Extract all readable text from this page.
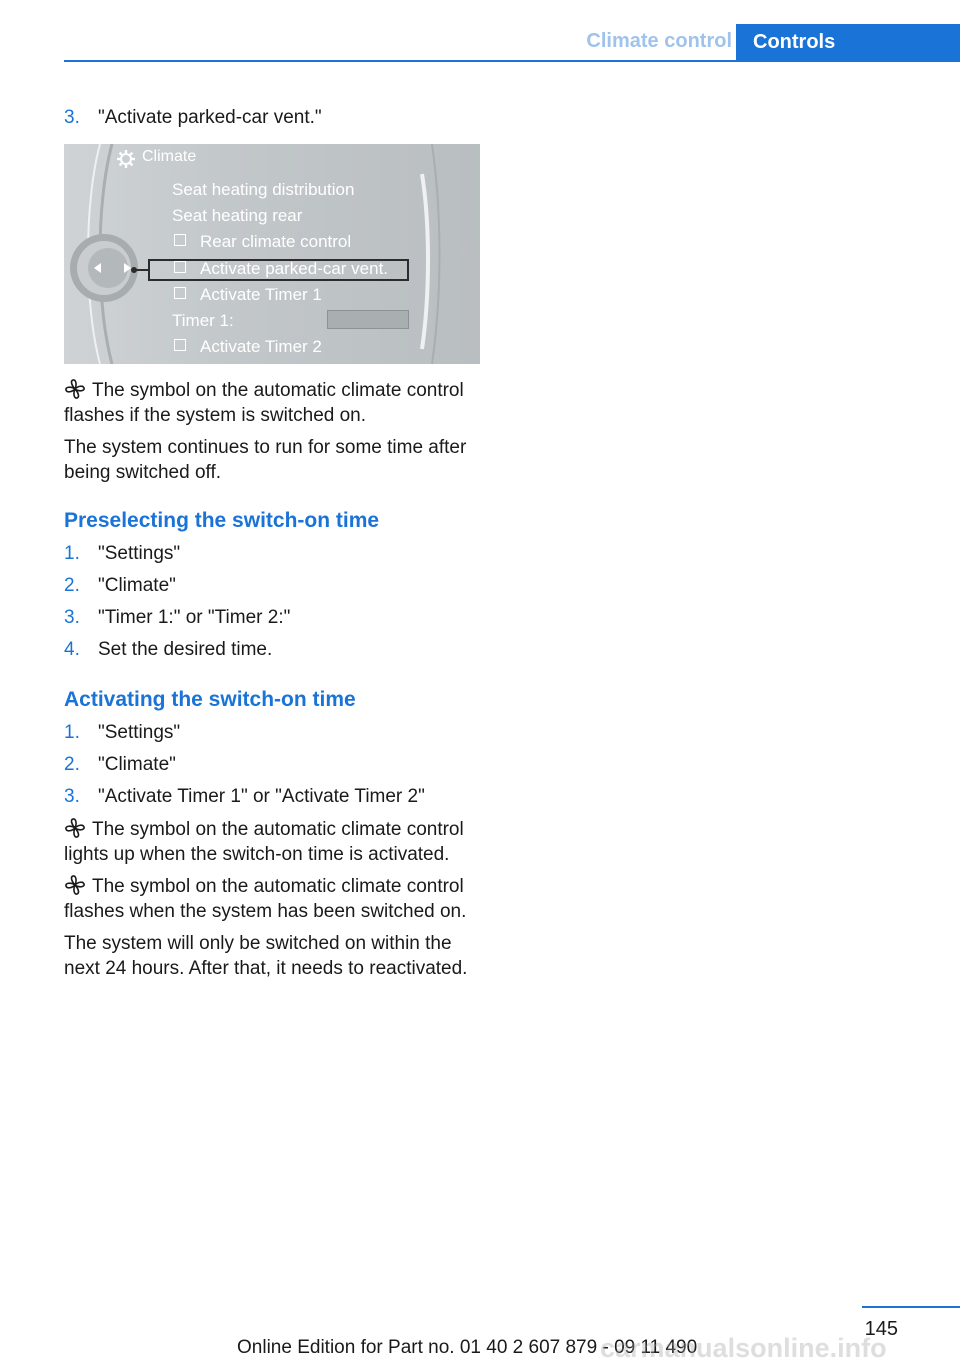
Climate control	Controls
3. "Activate parked-car vent."
Climate
Seat heating distribution
Seat heating rear
Rear climate control
Activate parked-car vent.
Activate Timer 1
Timer 1:
Activate Timer 2
The symbol on the automatic climate control flashes if the system is switched on.
The system continues to run for some time after being switched off.
Preselecting the switch-on time
1. "Settings"
2. "Climate"
3. "Timer 1:" or "Timer 2:"
4. Set the desired time.
Activating the switch-on time
1. "Settings"
2. "Climate"
3. "Activate Timer 1" or "Activate Timer 2"
The symbol on the automatic climate control lights up when the switch-on time is activated.
The symbol on the automatic climate control flashes when the system has been switched on.
The system will only be switched on within the next 24 hours. After that, it needs to reactivated.
145
Online Edition for Part no. 01 40 2 607 879 - 09 11 490
carmanualsonline.info
